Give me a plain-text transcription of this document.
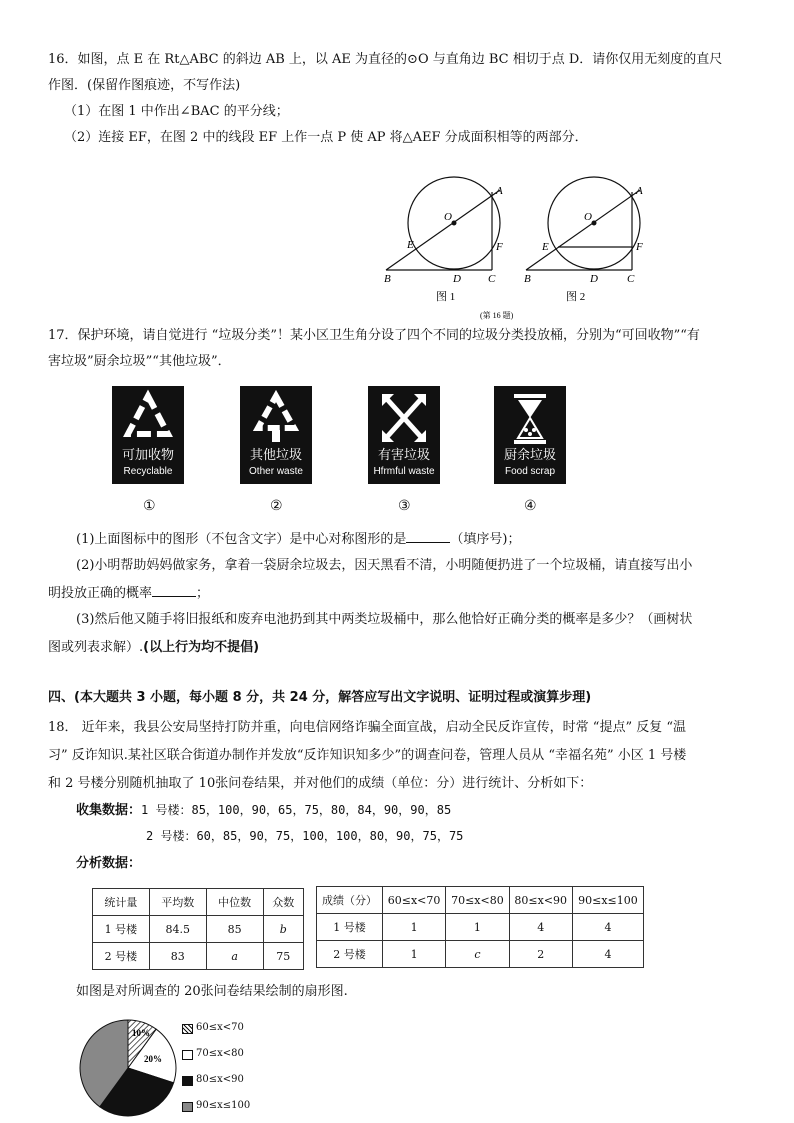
16．如图，点 E 在 Rt△ABC 的斜边 AB 上，以 AE 为直径的⊙O 与直角边 BC 相切于点 D．请你仅用无刻度的直尺
作图．(保留作图痕迹，不写作法)
（1）在图 1 中作出∠BAC 的平分线；
（2）连接 EF，在图 2 中的线段 EF 上作一点 P 使 AP 将△AEF 分成面积相等的两部分．
O
A
E	F
B	D C
图 1
O
A
E	F
B	D	C
图 2
(第 16 题)
17．保护环境，请自觉进行 “垃圾分类”！某小区卫生角分设了四个不同的垃圾分类投放桶，分别为“可回收物”“有
害垃圾”厨余垃圾”“其他垃圾”．
可加收物
Recyclable
其他垃圾
Other waste
有害垃圾
Hfrmful waste
厨余垃圾
Food scrap
①	②	③	④
(1)上面图标中的图形（不包含文字）是中心对称图形的是	（填序号)；
(2)小明帮助妈妈做家务，拿着一袋厨余垃圾去，因天黑看不清，小明随便扔进了一个垃圾桶，请直接写出小
明投放正确的概率	；
(3)然后他又随手将旧报纸和废弃电池扔到其中两类垃圾桶中，那么他恰好正确分类的概率是多少？（画树状
图或列表求解）.(以上行为均不提倡)
四、(本大题共 3 小题，每小题 8 分，共 24 分，解答应写出文字说明、证明过程或演算步理)
18． 近年来，我县公安局坚持打防并重，向电信网络诈骗全面宣战，启动全民反诈宣传，时常 “提点” 反复 “温
习” 反诈知识.某社区联合街道办制作并发放“反诈知识知多少”的调查问卷，管理人员从 “幸福名苑” 小区 1 号楼
和 2 号楼分别随机抽取了 10张问卷结果，并对他们的成绩（单位：分）进行统计、分析如下：
收集数据：1 号楼：85，100，90，65，75，80，84，90，90，85
2 号楼：60，85，90，75，100，100，80，90，75，75
分析数据：
统计量	平均数	中位数	众数
1 号楼	84.5	85	b
2 号楼	83	a	75
成绩（分）	60≤x<70	70≤x<80	80≤x<90	90≤x≤100
1 号楼	1	1	4	4
2 号楼	1	c	2	4
如图是对所调查的 20张问卷结果绘制的扇形图.
10%
20%
60≤x<70
70≤x<80
80≤x<90
90≤x≤100
